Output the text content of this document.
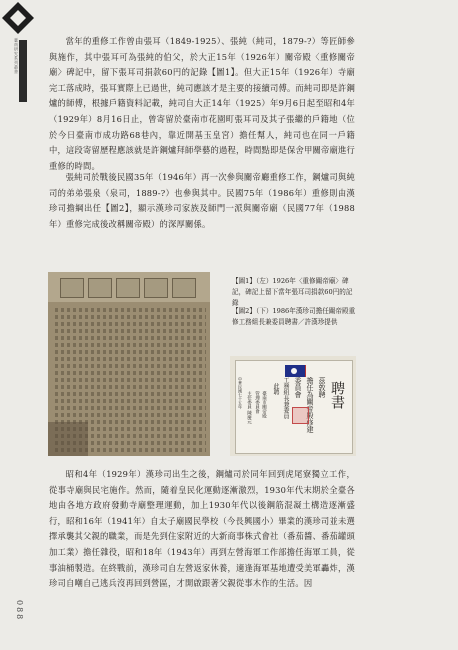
臺南研究系列叢書	當年的重修工作曾由張耳（1849-1925）、張純（純司，1879-?）等匠師參與施作，其中張耳可為張純的伯父，於大正15年（1926年）關帝殿〈重修關帝廟〉碑記中，留下張耳司捐款60円的記錄【圖1】。但大正15年（1926年）寺廟完工落成時，張耳實際上已過世，純司應該才是主要的接續司傅。而純司即是許鋼爐的師傅，根據戶籍資料記載，純司自大正14年（1925）年9月6日起至昭和4年（1929年）8月16日止，曾寄留於臺南市花園町張耳司及其子張繼的戶籍地（位於今日臺南市成功路68巷內，靠近開基玉皇宮）擔任幫人，純司也在同一戶籍中，這段寄留歷程應該就是許鋼爐拜師學藝的過程，時間點即是保舍甲關帝廟進行重修的時間。
張純司於戰後民國35年（1946年）再一次參與關帝廳重修工作，鋼爐司與純司的弟弟張泉（泉司，1889-?）也參與其中。民國75年（1986年）重修則由漢珍司擔綱出任【圖2】，顯示漢珍司家族及師門一派與關帝廟（民國77年（1988年）重修完成後改稱關帝殿）的深厚關係。
【圖1】（左）1926年〈重修關帝廟〉碑記，碑記上留下當年張耳司捐款60円的記錄
【圖2】（下）1986年漢珍司擔任關帝殿重修工務組長兼委員聘書／許漢珍提供
聘書
茲敦聘
擔任為關帝殿修建
委員會
工務組長兼委員
此聘
臺南市關帝殿
管理委員會
主任委員 陳慶元
中華民國七十五年
昭和4年（1929年）漢珍司出生之後，鋼爐司於同年回到虎尾寮獨立工作，從事寺廟與民宅施作。然而，隨着皇民化運動逐漸激烈，1930年代末期於全臺各地由各地方政府發動寺廟整理運動，加上1930年代以後鋼筋混凝土構造逐漸盛行，昭和16年（1941年）自太子廟國民學校（今長興國小）畢業的漢珍司並未選擇承襲其父親的職業，而是先到住家附近的大新商事株式會社（番茄醬、番茄罐頭加工業）擔任雜役，昭和18年（1943年）再到左營海軍工作部擔任海軍工員，從事油桶製造。在終戰前，漢珍司自左營返家休養，適逢海軍基地遭受美軍轟炸，漢珍司自嘲自己逃兵沒再回到營區，才開啟跟著父親從事木作的生活。因
088
